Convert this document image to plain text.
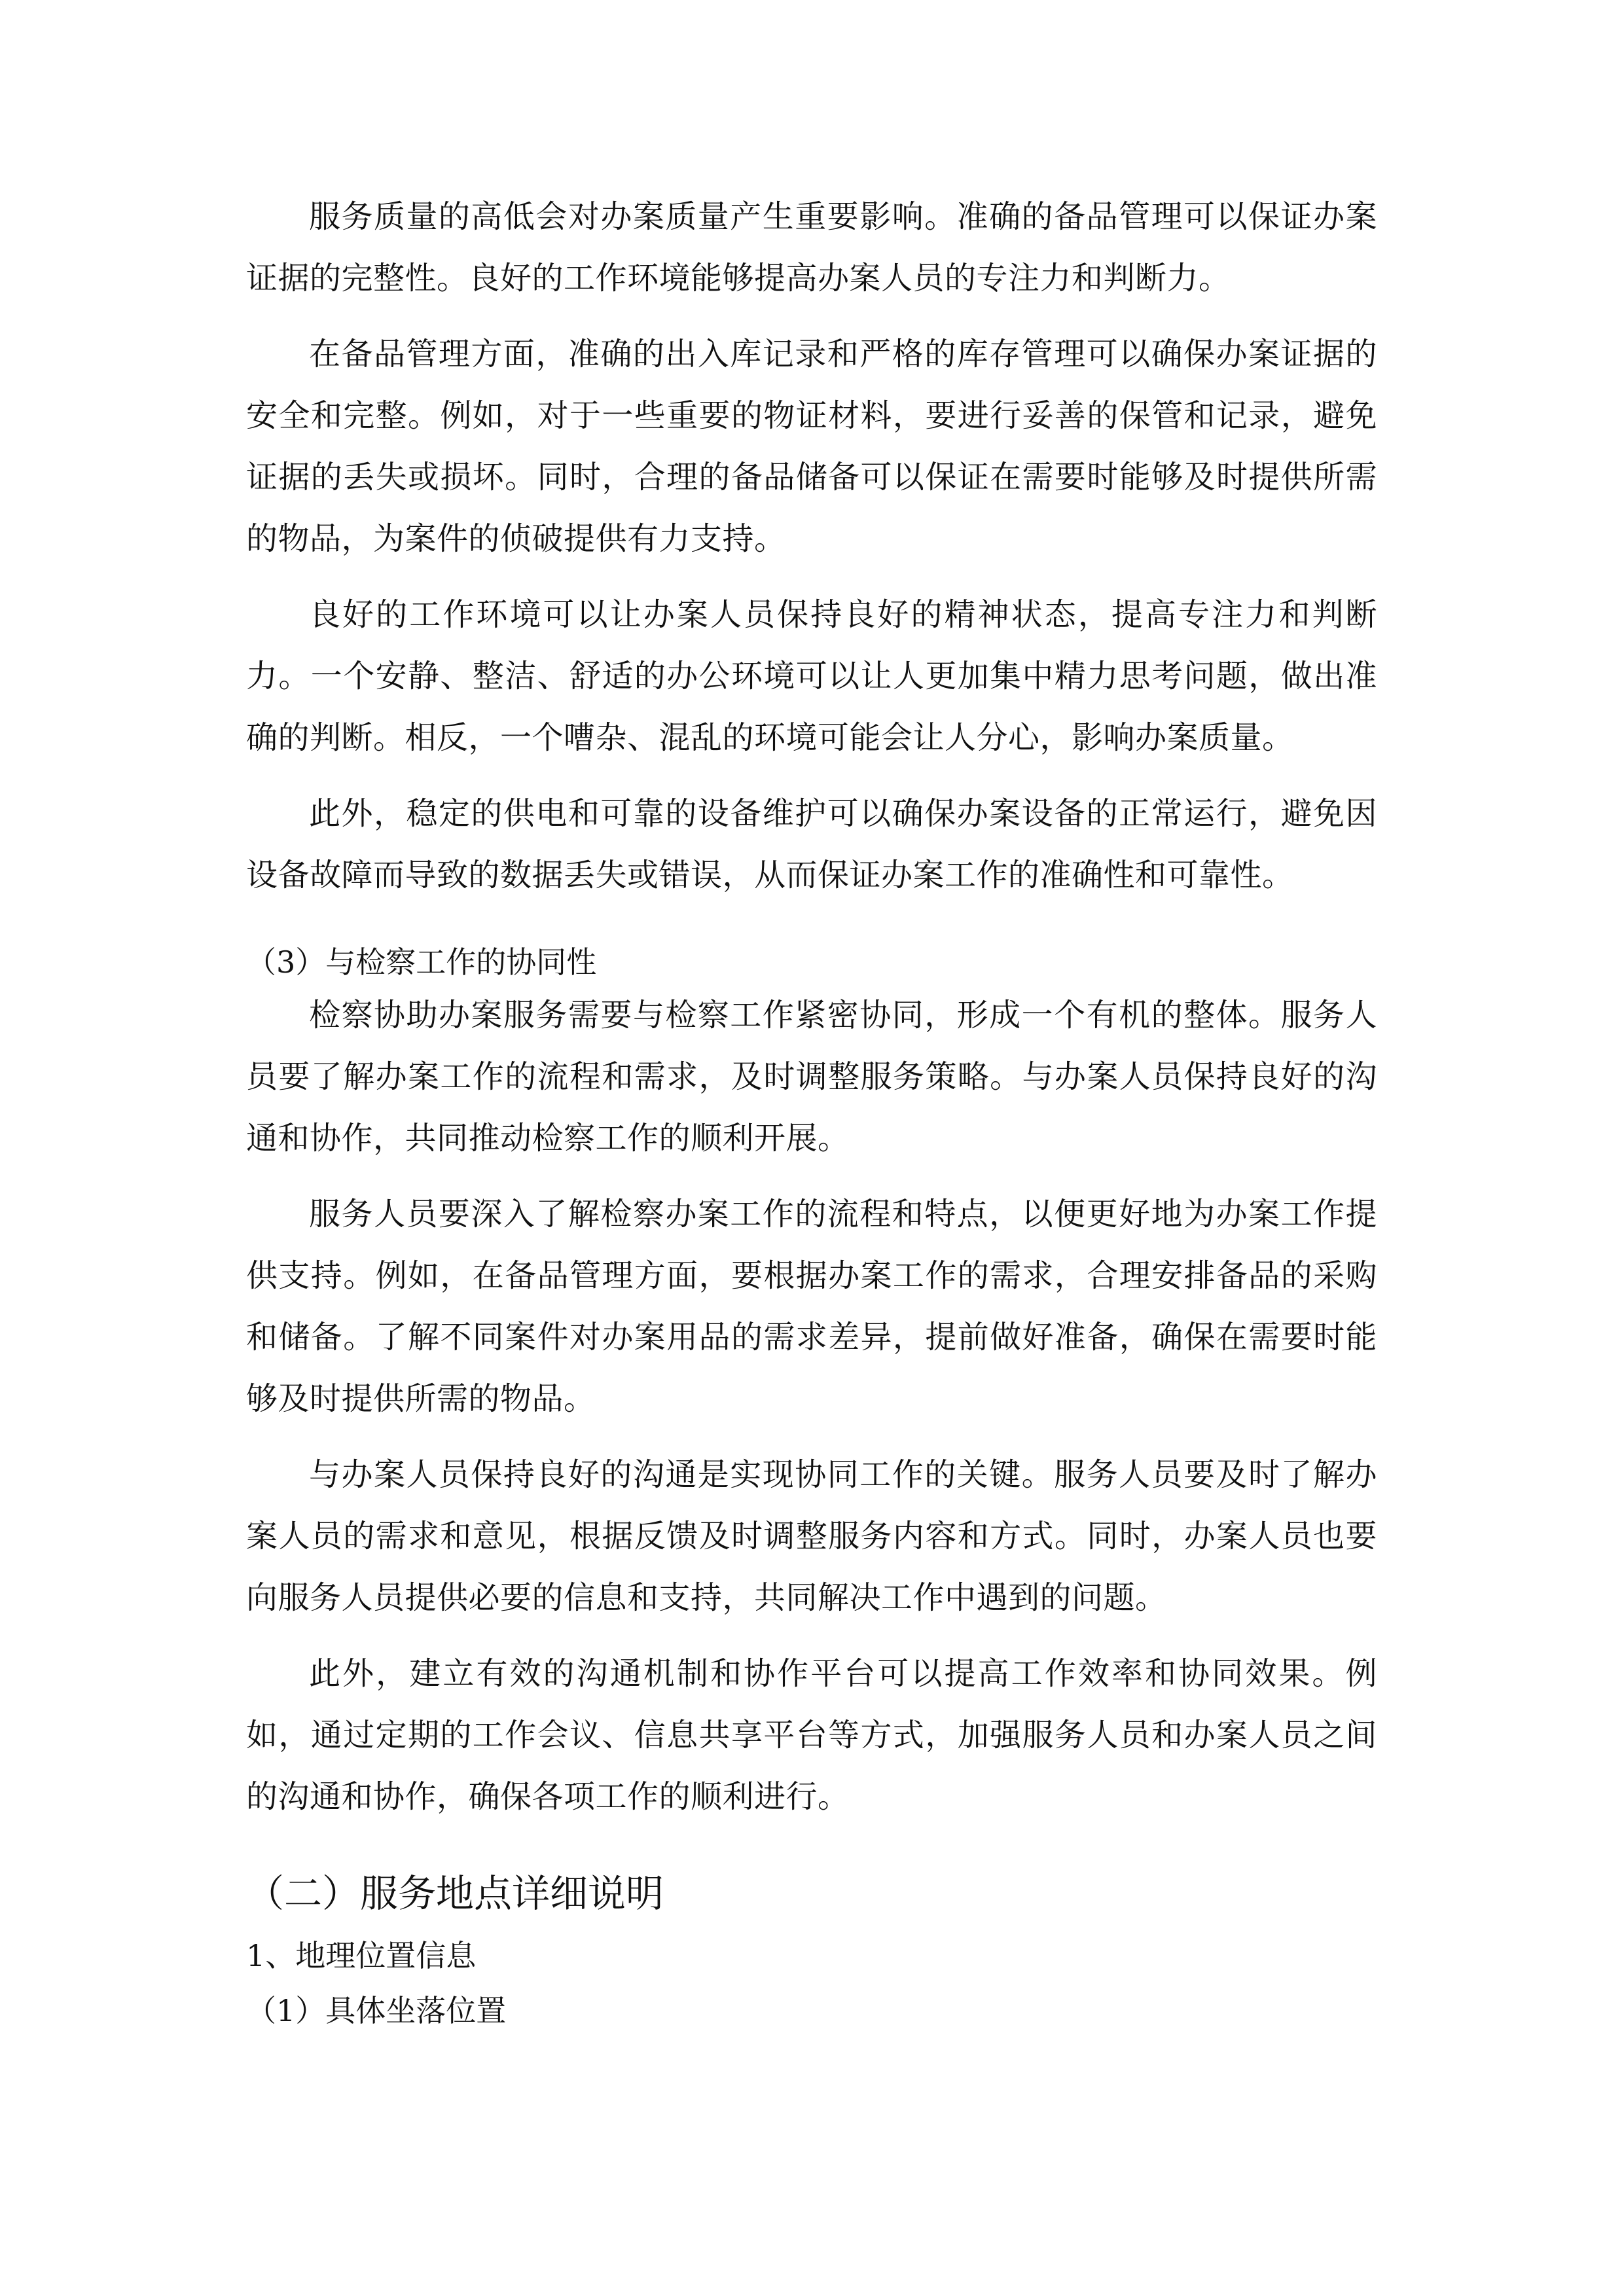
服务质量的高低会对办案质量产生重要影响。准确的备品管理可以保证办案证据的完整性。良好的工作环境能够提高办案人员的专注力和判断力。

在备品管理方面，准确的出入库记录和严格的库存管理可以确保办案证据的安全和完整。例如，对于一些重要的物证材料，要进行妥善的保管和记录，避免证据的丢失或损坏。同时，合理的备品储备可以保证在需要时能够及时提供所需的物品，为案件的侦破提供有力支持。

良好的工作环境可以让办案人员保持良好的精神状态，提高专注力和判断力。一个安静、整洁、舒适的办公环境可以让人更加集中精力思考问题，做出准确的判断。相反，一个嘈杂、混乱的环境可能会让人分心，影响办案质量。

此外，稳定的供电和可靠的设备维护可以确保办案设备的正常运行，避免因设备故障而导致的数据丢失或错误，从而保证办案工作的准确性和可靠性。

（3）与检察工作的协同性

检察协助办案服务需要与检察工作紧密协同，形成一个有机的整体。服务人员要了解办案工作的流程和需求，及时调整服务策略。与办案人员保持良好的沟通和协作，共同推动检察工作的顺利开展。

服务人员要深入了解检察办案工作的流程和特点，以便更好地为办案工作提供支持。例如，在备品管理方面，要根据办案工作的需求，合理安排备品的采购和储备。了解不同案件对办案用品的需求差异，提前做好准备，确保在需要时能够及时提供所需的物品。

与办案人员保持良好的沟通是实现协同工作的关键。服务人员要及时了解办案人员的需求和意见，根据反馈及时调整服务内容和方式。同时，办案人员也要向服务人员提供必要的信息和支持，共同解决工作中遇到的问题。

此外，建立有效的沟通机制和协作平台可以提高工作效率和协同效果。例如，通过定期的工作会议、信息共享平台等方式，加强服务人员和办案人员之间的沟通和协作，确保各项工作的顺利进行。

（二）服务地点详细说明
1、地理位置信息
（1）具体坐落位置
